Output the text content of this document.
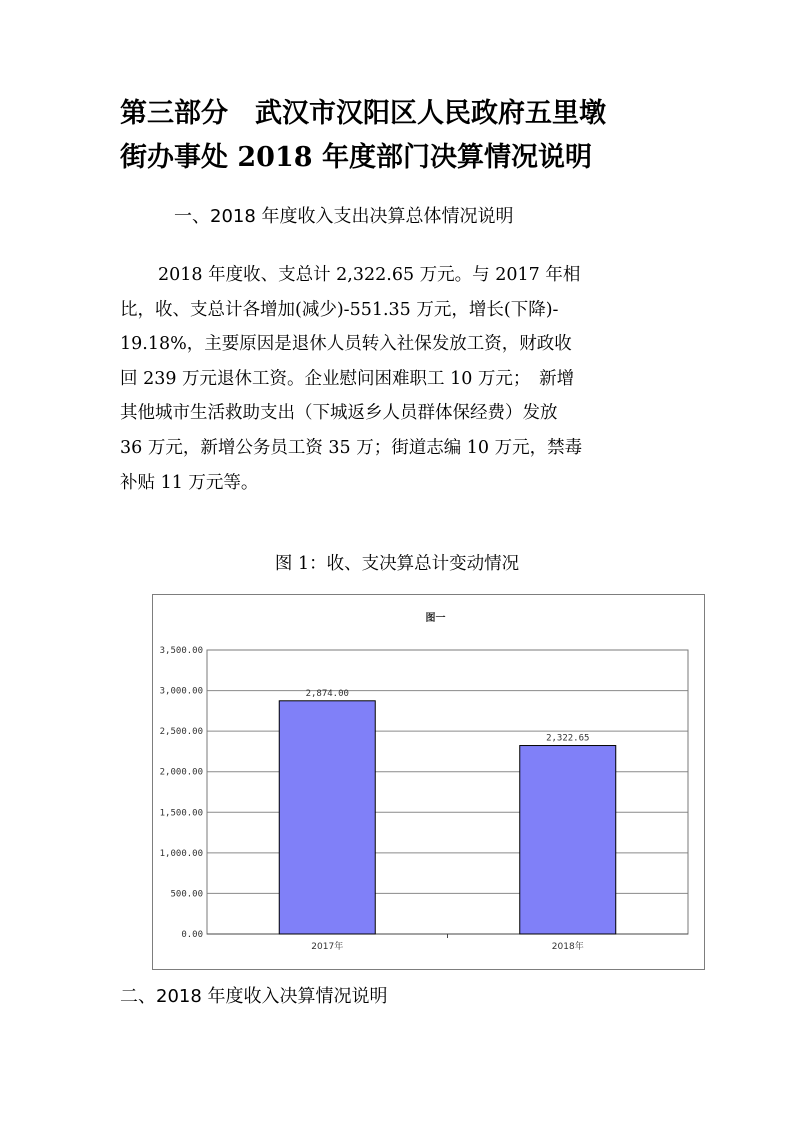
第三部分　武汉市汉阳区人民政府五里墩
街办事处 2018 年度部门决算情况说明
一、2018 年度收入支出决算总体情况说明
2018 年度收、支总计 2,322.65 万元。与 2017 年相
比，收、支总计各增加(减少)-551.35 万元，增长(下降)-
19.18%，主要原因是退休人员转入社保发放工资，财政收
回 239 万元退休工资。企业慰问困难职工 10 万元；　新增
其他城市生活救助支出（下城返乡人员群体保经费）发放
36 万元，新增公务员工资 35 万；街道志编 10 万元，禁毒
补贴 11 万元等。

图 1：收、支决算总计变动情况

图一
0.00
500.00
1,000.00
1,500.00
2,000.00
2,500.00
3,000.00
3,500.00
2,874.00
2017年
2,322.65
2018年
二、2018 年度收入决算情况说明
